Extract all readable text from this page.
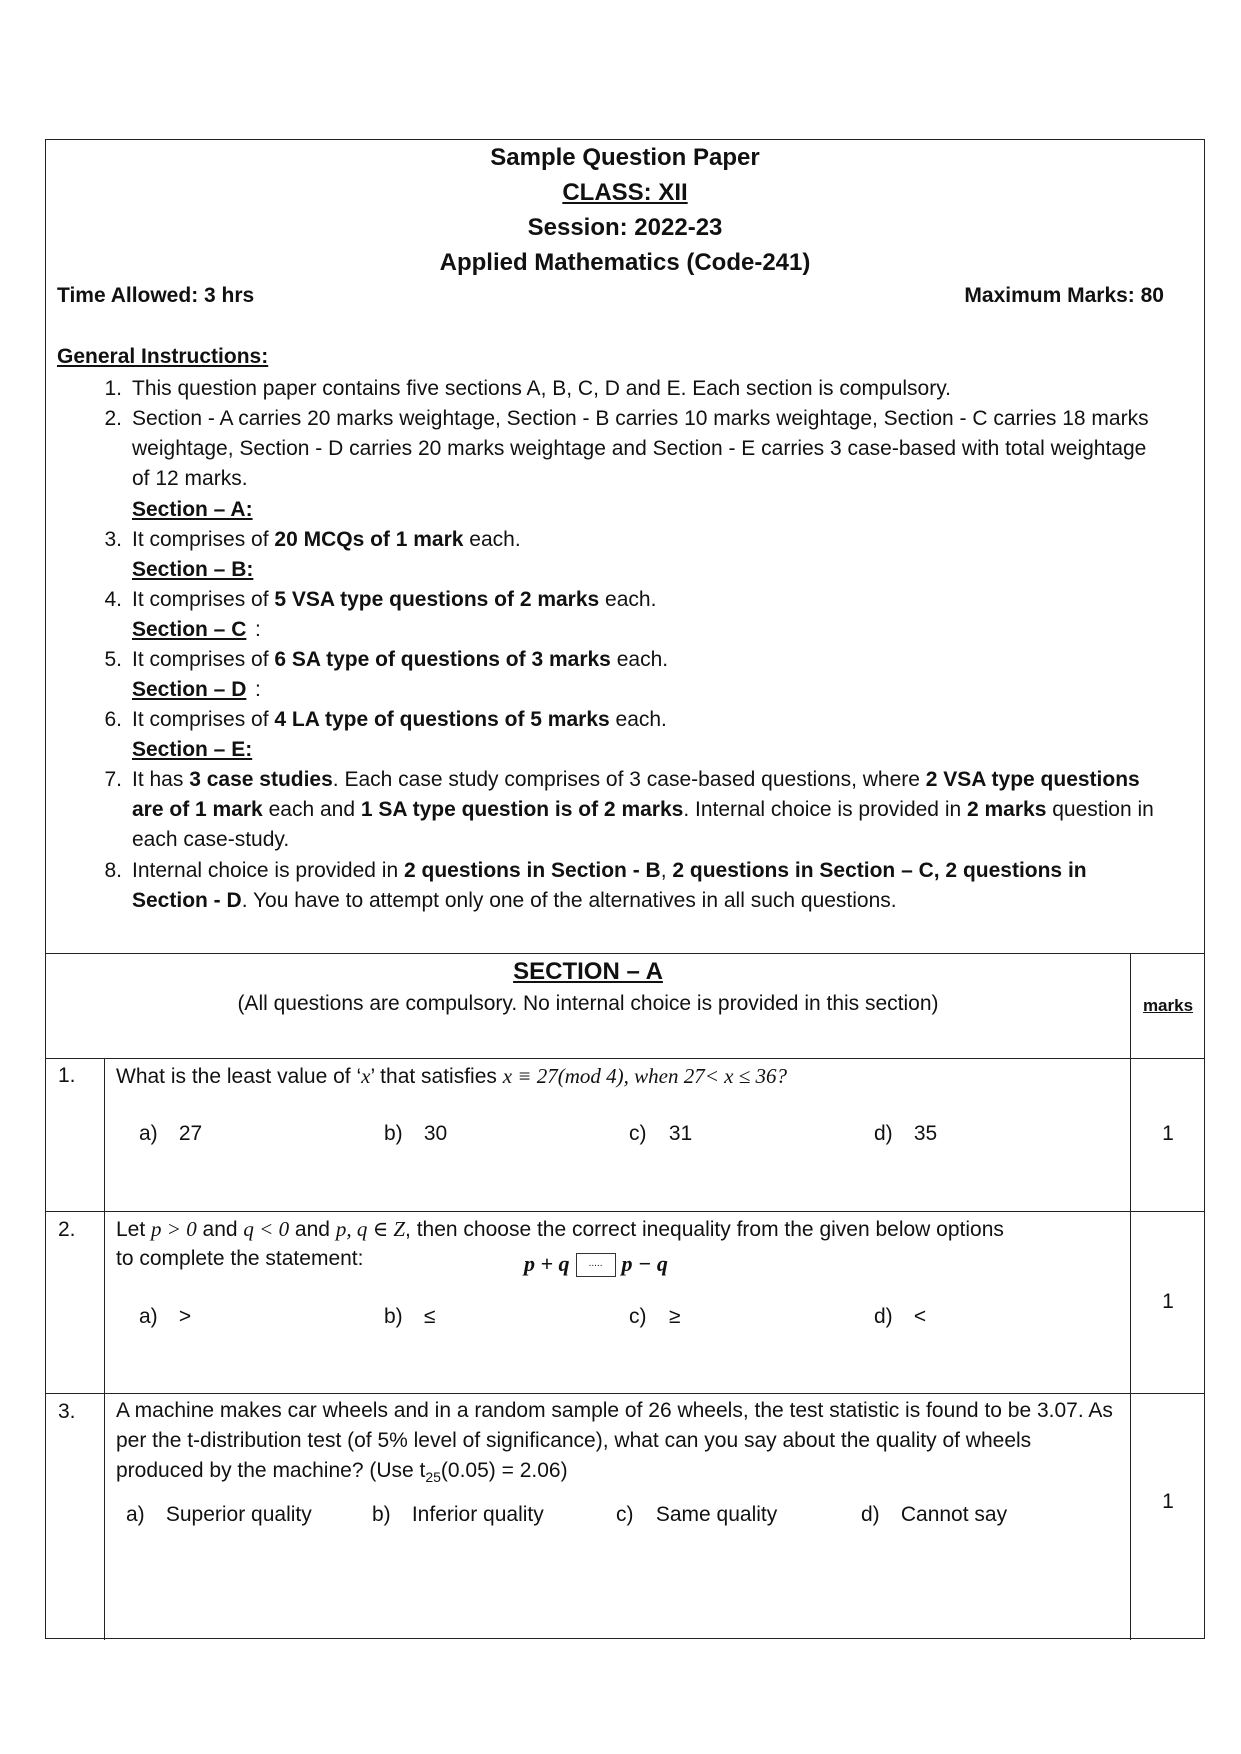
Sample Question Paper
CLASS: XII
Session: 2022-23
Applied Mathematics (Code-241)
Time Allowed: 3 hrs	Maximum Marks: 80
General Instructions:
1. This question paper contains five sections A, B, C, D and E. Each section is compulsory.
2. Section - A carries 20 marks weightage, Section - B carries 10 marks weightage, Section - C carries 18 marks weightage, Section - D carries 20 marks weightage and Section - E carries 3 case-based with total weightage of 12 marks.
Section – A:
3. It comprises of 20 MCQs of 1 mark each.
Section – B:
4. It comprises of 5 VSA type questions of 2 marks each.
Section – C :
5. It comprises of 6 SA type of questions of 3 marks each.
Section – D :
6. It comprises of 4 LA type of questions of 5 marks each.
Section – E:
7. It has 3 case studies. Each case study comprises of 3 case-based questions, where 2 VSA type questions are of 1 mark each and 1 SA type question is of 2 marks. Internal choice is provided in 2 marks question in each case-study.
8. Internal choice is provided in 2 questions in Section - B, 2 questions in Section – C, 2 questions in Section - D. You have to attempt only one of the alternatives in all such questions.
SECTION – A
(All questions are compulsory. No internal choice is provided in this section)	marks
1. What is the least value of ‘x’ that satisfies x ≡ 27(mod 4), when 27< x ≤ 36?
a) 27	b) 30	c) 31	d) 35	1
2. Let p > 0 and q < 0 and p, q ∈ Z, then choose the correct inequality from the given below options
to complete the statement:	p + q ..... p − q
a) >	b) ≤	c) ≥	d) <
1
3. A machine makes car wheels and in a random sample of 26 wheels, the test statistic is found to be 3.07. As per the t-distribution test (of 5% level of significance), what can you say about the quality of wheels produced by the machine? (Use $t_{25}(0.05) = 2.06$)
a) Superior quality	b) Inferior quality	c) Same quality	d) Cannot say
1
